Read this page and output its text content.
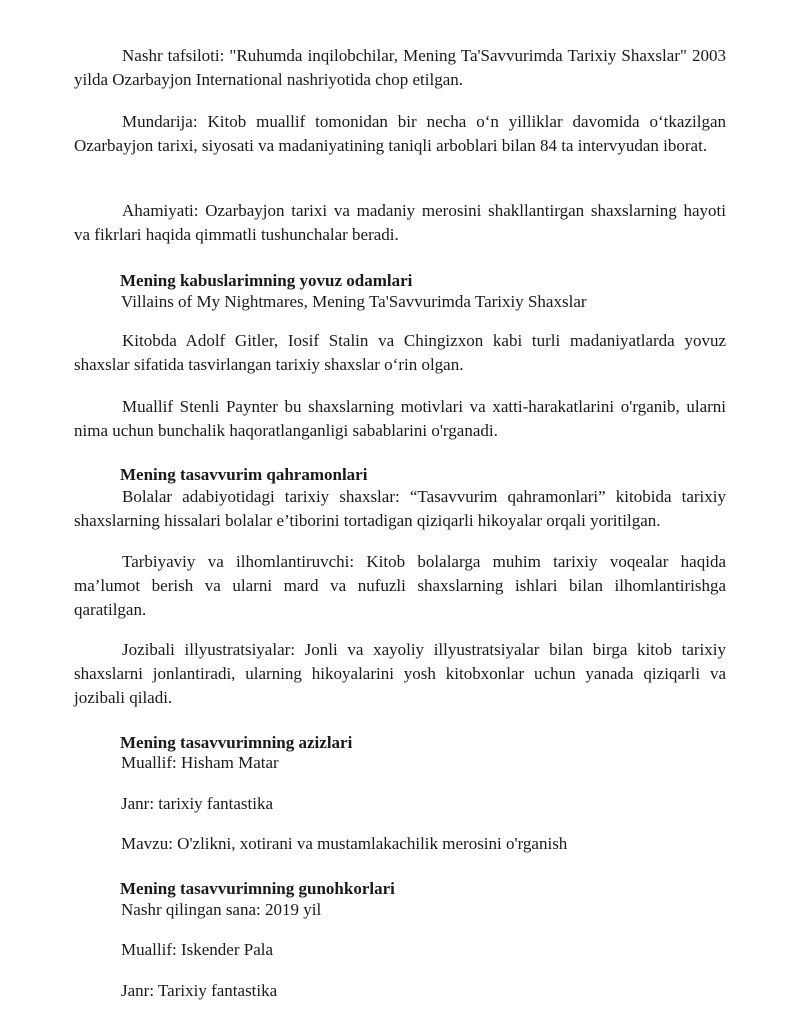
Nashr tafsiloti: "Ruhumda inqilobchilar, Mening Ta'Savvurimda Tarixiy Shaxslar" 2003 yilda Ozarbayjon International nashriyotida chop etilgan.

Mundarija: Kitob muallif tomonidan bir necha oʻn yilliklar davomida oʻtkazilgan Ozarbayjon tarixi, siyosati va madaniyatining taniqli arboblari bilan 84 ta intervyudan iborat.

Ahamiyati: Ozarbayjon tarixi va madaniy merosini shakllantirgan shaxslarning hayoti va fikrlari haqida qimmatli tushunchalar beradi.

Mening kabuslarimning yovuz odamlari

Villains of My Nightmares, Mening Ta'Savvurimda Tarixiy Shaxslar

Kitobda Adolf Gitler, Iosif Stalin va Chingizxon kabi turli madaniyatlarda yovuz shaxslar sifatida tasvirlangan tarixiy shaxslar oʻrin olgan.

Muallif Stenli Paynter bu shaxslarning motivlari va xatti-harakatlarini o'rganib, ularni nima uchun bunchalik haqoratlanganligi sabablarini o'rganadi.

Mening tasavvurim qahramonlari

Bolalar adabiyotidagi tarixiy shaxslar: “Tasavvurim qahramonlari” kitobida tarixiy shaxslarning hissalari bolalar e’tiborini tortadigan qiziqarli hikoyalar orqali yoritilgan.

Tarbiyaviy va ilhomlantiruvchi: Kitob bolalarga muhim tarixiy voqealar haqida ma’lumot berish va ularni mard va nufuzli shaxslarning ishlari bilan ilhomlantirishga qaratilgan.

Jozibali illyustratsiyalar: Jonli va xayoliy illyustratsiyalar bilan birga kitob tarixiy shaxslarni jonlantiradi, ularning hikoyalarini yosh kitobxonlar uchun yanada qiziqarli va jozibali qiladi.

Mening tasavvurimning azizlari

Muallif: Hisham Matar

Janr: tarixiy fantastika

Mavzu: O'zlikni, xotirani va mustamlakachilik merosini o'rganish

Mening tasavvurimning gunohkorlari

Nashr qilingan sana: 2019 yil

Muallif: Iskender Pala

Janr: Tarixiy fantastika
